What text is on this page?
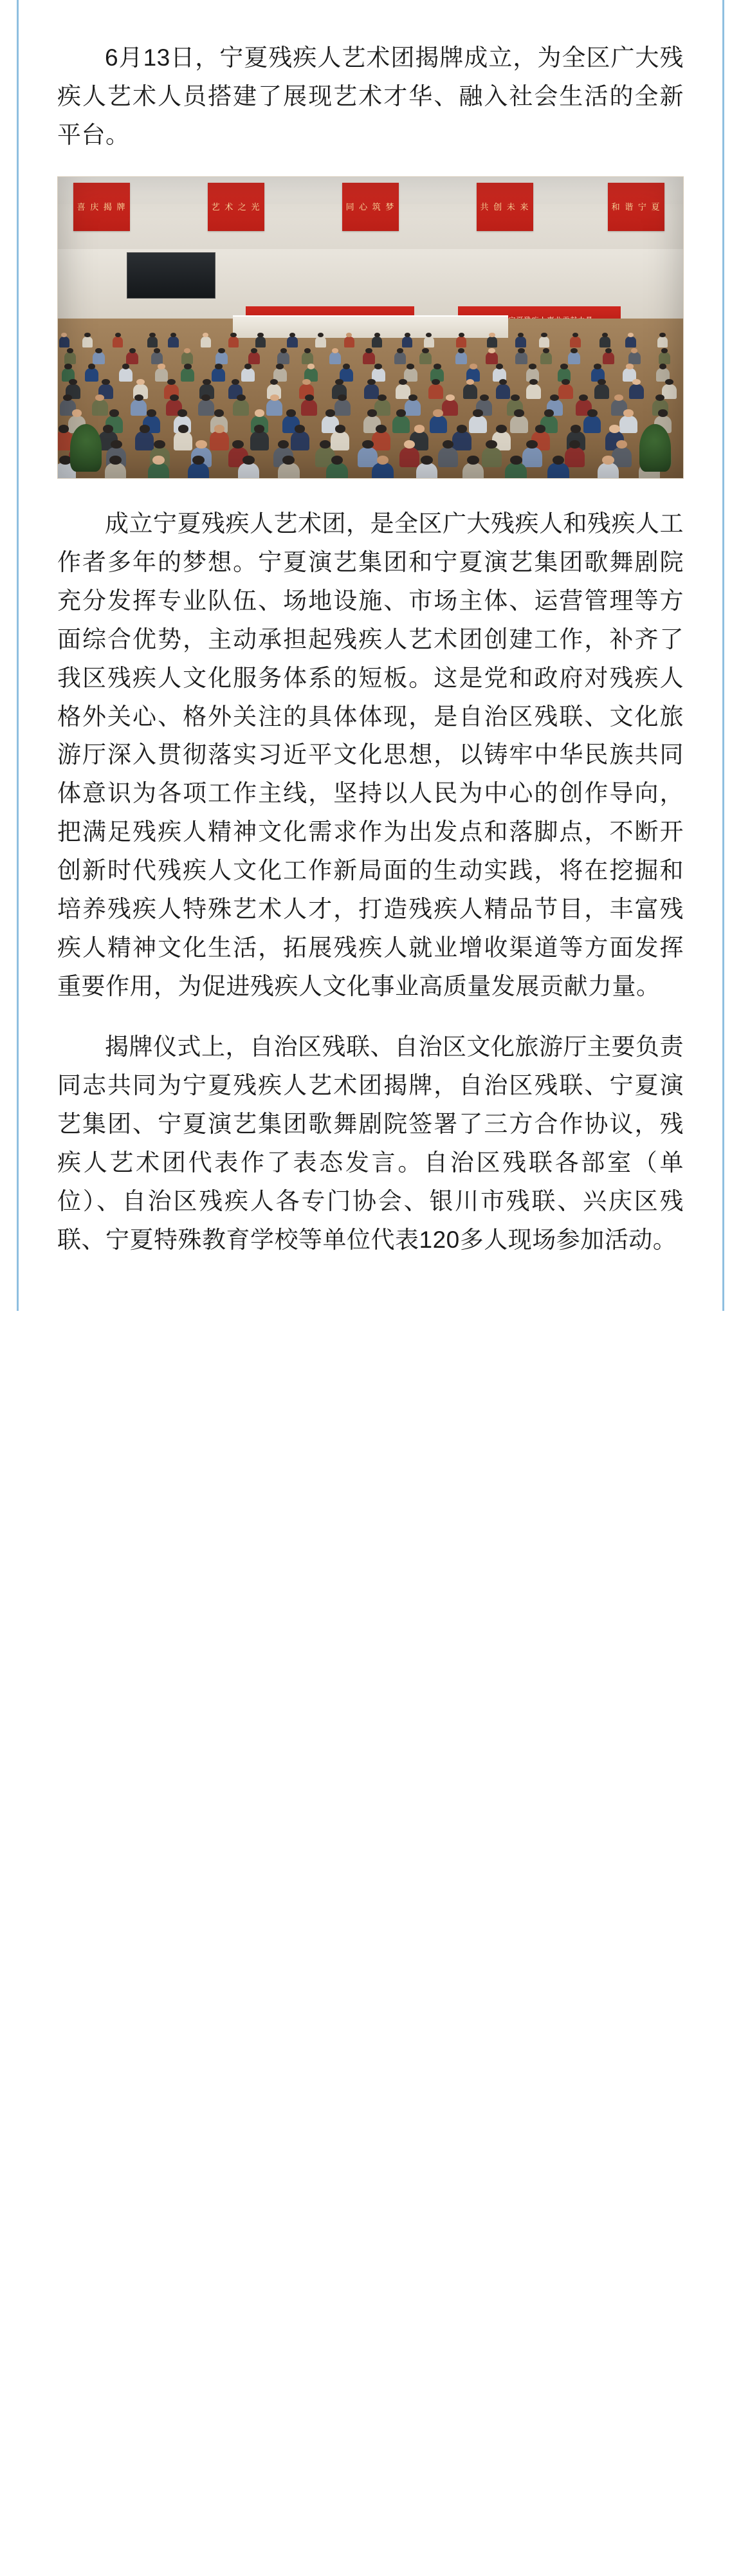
6月13日，宁夏残疾人艺术团揭牌成立，为全区广大残疾人艺术人员搭建了展现艺术才华、融入社会生活的全新平台。

喜 庆 揭 牌	艺 术 之 光	同 心 筑 梦	共 创 未 来	和 谐 宁 夏

成立宁夏残疾人艺术团，是全区广大残疾人和残疾人工作者多年的梦想。宁夏演艺集团和宁夏演艺集团歌舞剧院充分发挥专业队伍、场地设施、市场主体、运营管理等方面综合优势，主动承担起残疾人艺术团创建工作，补齐了我区残疾人文化服务体系的短板。这是党和政府对残疾人格外关心、格外关注的具体体现，是自治区残联、文化旅游厅深入贯彻落实习近平文化思想，以铸牢中华民族共同体意识为各项工作主线，坚持以人民为中心的创作导向，把满足残疾人精神文化需求作为出发点和落脚点，不断开创新时代残疾人文化工作新局面的生动实践，将在挖掘和培养残疾人特殊艺术人才，打造残疾人精品节目，丰富残疾人精神文化生活，拓展残疾人就业增收渠道等方面发挥重要作用，为促进残疾人文化事业高质量发展贡献力量。

揭牌仪式上，自治区残联、自治区文化旅游厅主要负责同志共同为宁夏残疾人艺术团揭牌，自治区残联、宁夏演艺集团、宁夏演艺集团歌舞剧院签署了三方合作协议，残疾人艺术团代表作了表态发言。自治区残联各部室（单位）、自治区残疾人各专门协会、银川市残联、兴庆区残联、宁夏特殊教育学校等单位代表120多人现场参加活动。
